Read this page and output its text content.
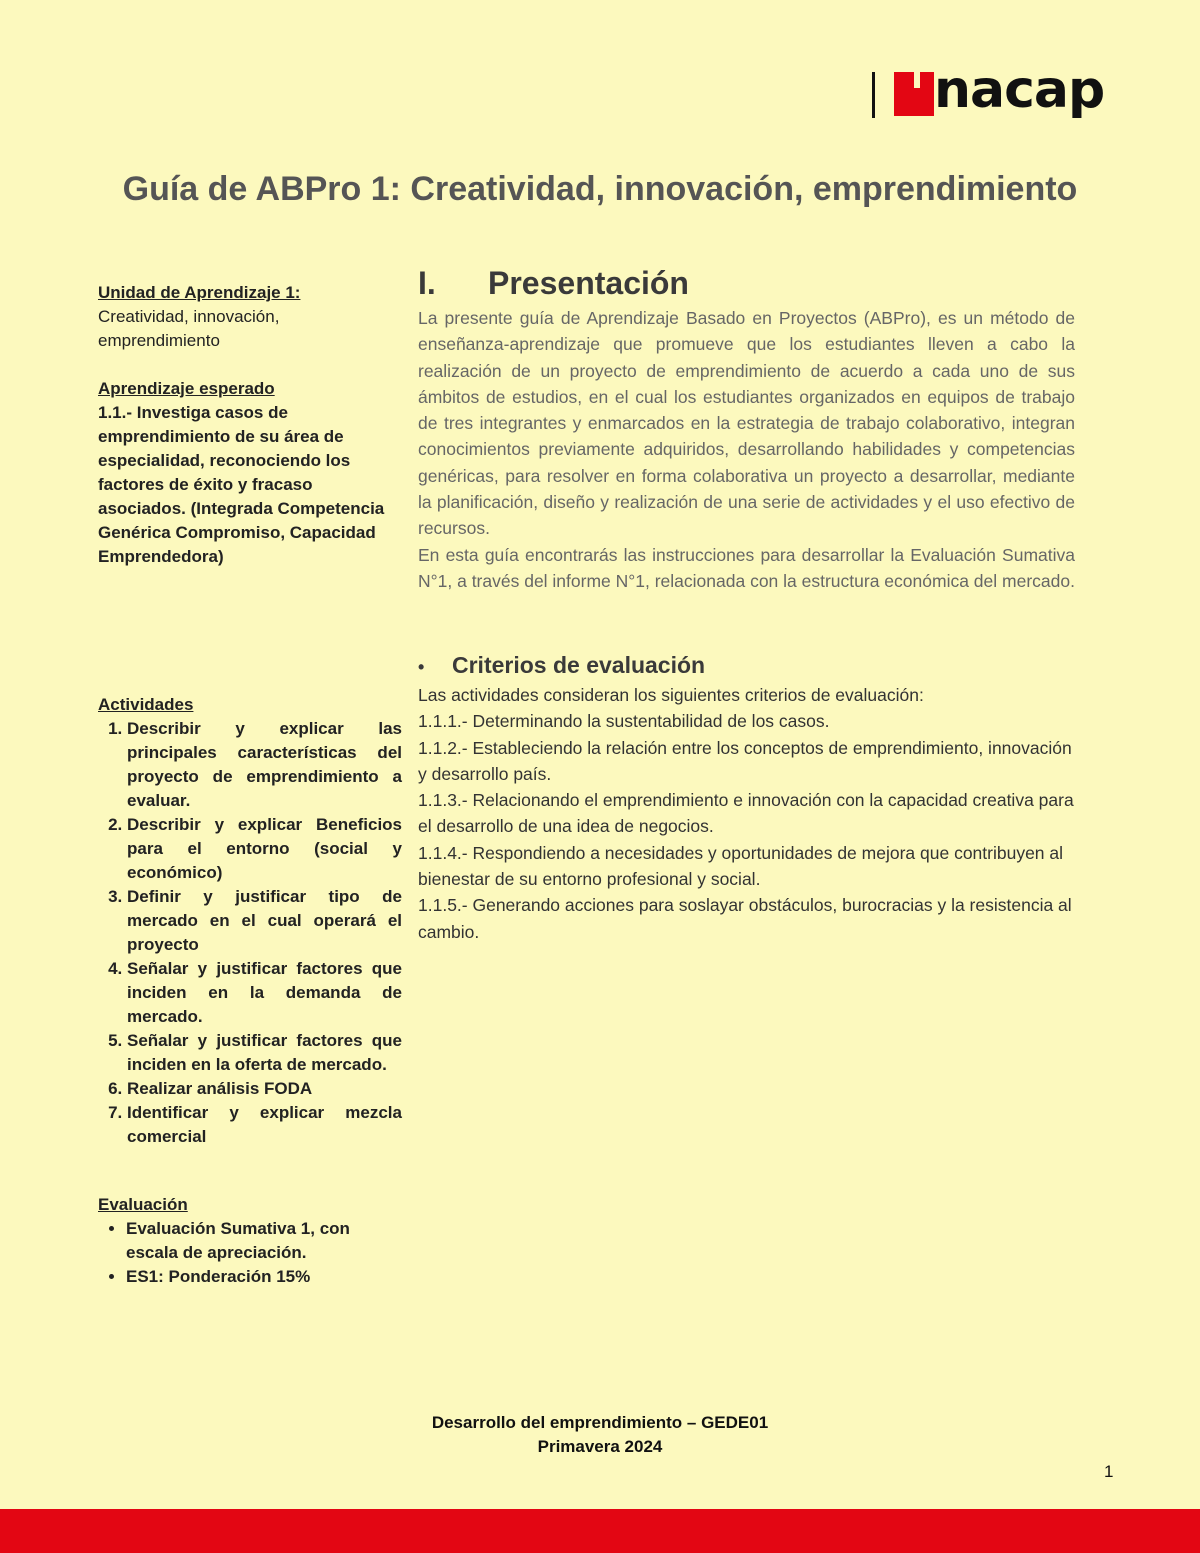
nacap
Guía de ABPro 1: Creatividad, innovación, emprendimiento
Unidad de Aprendizaje 1:
Creatividad, innovación, emprendimiento
Aprendizaje esperado
1.1.- Investiga casos de emprendimiento de su área de especialidad, reconociendo los factores de éxito y fracaso asociados. (Integrada Competencia Genérica Compromiso, Capacidad Emprendedora)
Actividades
1. Describir y explicar las principales características del proyecto de emprendimiento a evaluar.
2. Describir y explicar Beneficios para el entorno (social y económico)
3. Definir y justificar tipo de mercado en el cual operará el proyecto
4. Señalar y justificar factores que inciden en la demanda de mercado.
5. Señalar y justificar factores que inciden en la oferta de mercado.
6. Realizar análisis FODA
7. Identificar y explicar mezcla comercial
Evaluación
• Evaluación Sumativa 1, con escala de apreciación.
• ES1: Ponderación 15%
I. Presentación

La presente guía de Aprendizaje Basado en Proyectos (ABPro), es un método de enseñanza-aprendizaje que promueve que los estudiantes lleven a cabo la realización de un proyecto de emprendimiento de acuerdo a cada uno de sus ámbitos de estudios, en el cual los estudiantes organizados en equipos de trabajo de tres integrantes y enmarcados en la estrategia de trabajo colaborativo, integran conocimientos previamente adquiridos, desarrollando habilidades y competencias genéricas, para resolver en forma colaborativa un proyecto a desarrollar, mediante la planificación, diseño y realización de una serie de actividades y el uso efectivo de recursos.

En esta guía encontrarás las instrucciones para desarrollar la Evaluación Sumativa N°1, a través del informe N°1, relacionada con la estructura económica del mercado.

• Criterios de evaluación

Las actividades consideran los siguientes criterios de evaluación:

1.1.1.- Determinando la sustentabilidad de los casos.

1.1.2.- Estableciendo la relación entre los conceptos de emprendimiento, innovación y desarrollo país.

1.1.3.- Relacionando el emprendimiento e innovación con la capacidad creativa para el desarrollo de una idea de negocios.

1.1.4.- Respondiendo a necesidades y oportunidades de mejora que contribuyen al bienestar de su entorno profesional y social.

1.1.5.- Generando acciones para soslayar obstáculos, burocracias y la resistencia al cambio.

Desarrollo del emprendimiento – GEDE01
Primavera 2024
1
